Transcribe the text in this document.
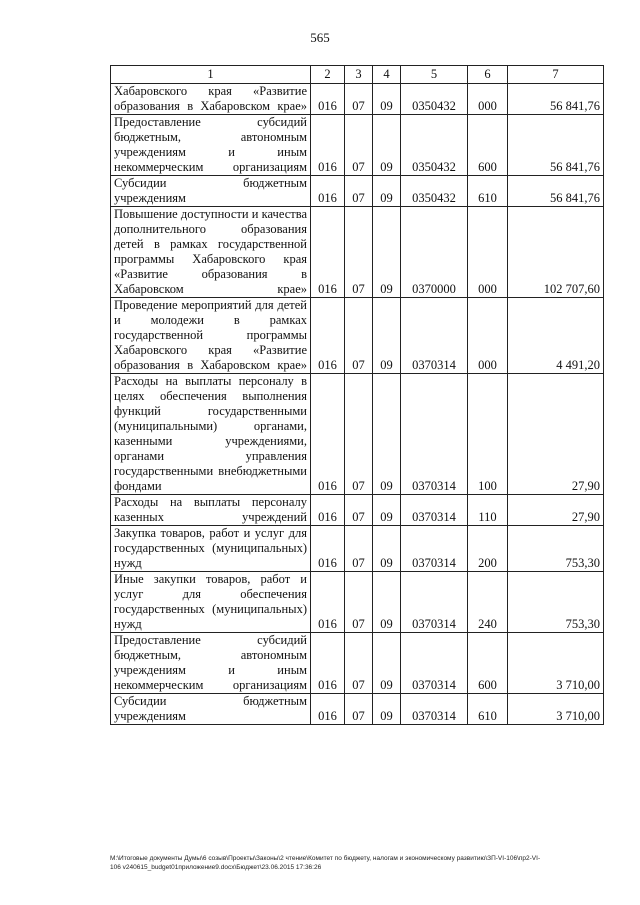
565
1	2	3	4	5	6	7

Хабаровского края «Развитие образования в Хабаровском крае»	016	07	09	0350432	000	56 841,76

Предоставление субсидий бюджетным, автономным учреждениям и иным некоммерческим организациям	016	07	09	0350432	600	56 841,76

Субсидии бюджетным учреждениям	016	07	09	0350432	610	56 841,76

Повышение доступности и качества дополнительного образования детей в рамках государственной программы Хабаровского края «Развитие образования в Хабаровском крае»	016	07	09	0370000	000	102 707,60

Проведение мероприятий для детей и молодежи в рамках государственной программы Хабаровского края «Развитие образования в Хабаровском крае»	016	07	09	0370314	000	4 491,20

Расходы на выплаты персоналу в целях обеспечения выполнения функций государственными (муниципальными) органами, казенными учреждениями, органами управления государственными внебюджетными фондами	016	07	09	0370314	100	27,90

Расходы на выплаты персоналу казенных учреждений	016	07	09	0370314	110	27,90

Закупка товаров, работ и услуг для государственных (муниципальных) нужд	016	07	09	0370314	200	753,30

Иные закупки товаров, работ и услуг для обеспечения государственных (муниципальных) нужд	016	07	09	0370314	240	753,30

Предоставление субсидий бюджетным, автономным учреждениям и иным некоммерческим организациям	016	07	09	0370314	600	3 710,00

Субсидии бюджетным учреждениям	016	07	09	0370314	610	3 710,00
M:\Итоговые документы Думы\6 созыв\Проекты\Законы\2 чтение\Комитет по бюджету, налогам и экономическому развитию\ЗП-VI-106\пр2-VI-
106 v240615_budget01приложение9.docx\Бюджет\23.06.2015 17:36:26
